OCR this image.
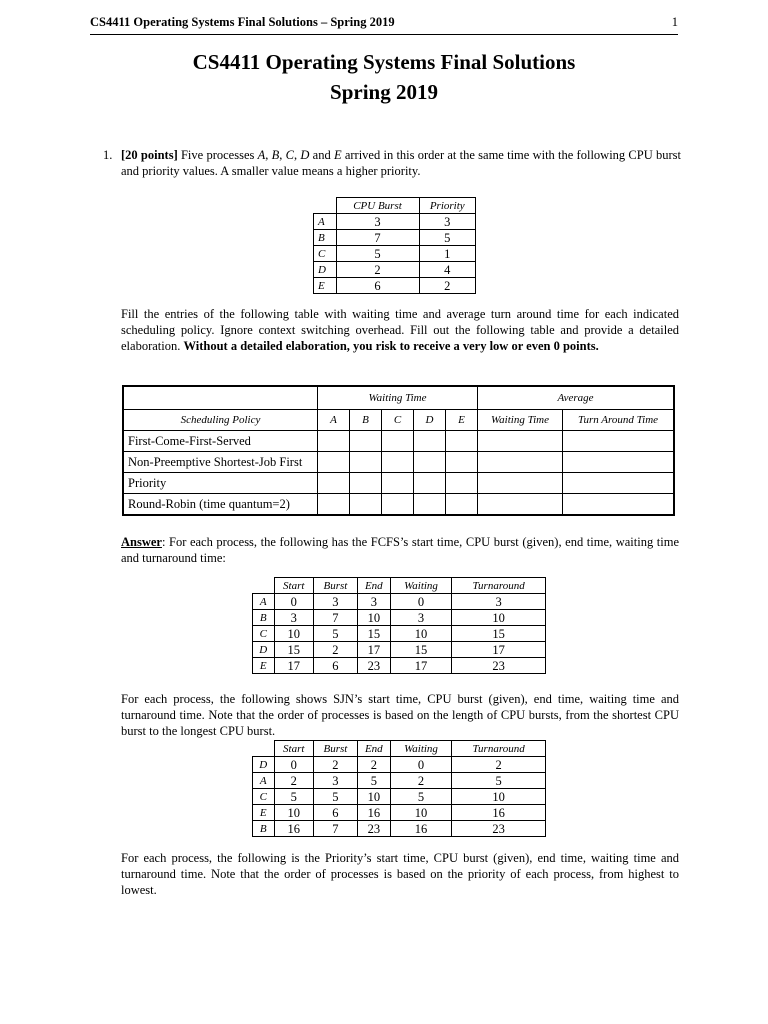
CS4411 Operating Systems Final Solutions – Spring 2019	1
CS4411 Operating Systems Final Solutions
Spring 2019
1. [20 points] Five processes A, B, C, D and E arrived in this order at the same time with the following CPU burst and priority values. A smaller value means a higher priority.
	CPU Burst	Priority
A	3	3
B	7	5
C	5	1
D	2	4
E	6	2
Fill the entries of the following table with waiting time and average turn around time for each indicated scheduling policy. Ignore context switching overhead. Fill out the following table and provide a detailed elaboration. Without a detailed elaboration, you risk to receive a very low or even 0 points.
	Waiting Time					Average	
Scheduling Policy	A	B	C	D	E	Waiting Time	Turn Around Time
First-Come-First-Served							
Non-Preemptive Shortest-Job First							
Priority							
Round-Robin (time quantum=2)							
Answer: For each process, the following has the FCFS’s start time, CPU burst (given), end time, waiting time and turnaround time:
	Start	Burst	End	Waiting	Turnaround
A	0	3	3	0	3
B	3	7	10	3	10
C	10	5	15	10	15
D	15	2	17	15	17
E	17	6	23	17	23
For each process, the following shows SJN’s start time, CPU burst (given), end time, waiting time and turnaround time. Note that the order of processes is based on the length of CPU bursts, from the shortest CPU burst to the longest CPU burst.
	Start	Burst	End	Waiting	Turnaround
D	0	2	2	0	2
A	2	3	5	2	5
C	5	5	10	5	10
E	10	6	16	10	16
B	16	7	23	16	23
For each process, the following is the Priority’s start time, CPU burst (given), end time, waiting time and turnaround time. Note that the order of processes is based on the priority of each process, from highest to lowest.
